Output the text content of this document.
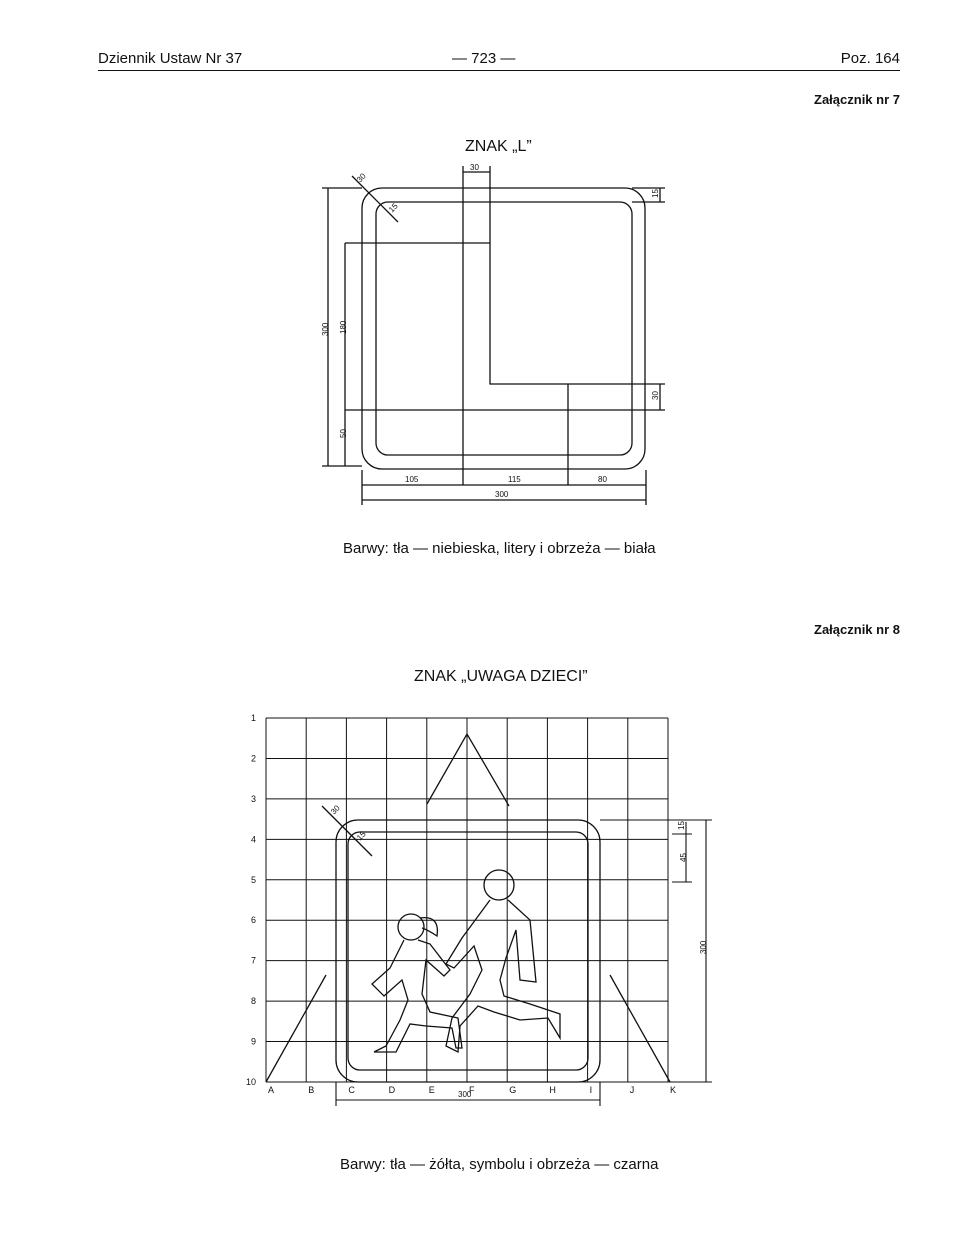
Dziennik Ustaw Nr 37	— 723 —	Poz. 164
Załącznik nr 7
ZNAK „L”
30
30
15
15
30
300 180
50
105	115	80
300
Barwy: tła — niebieska, litery i obrzeża — biała
Załącznik nr 8
ZNAK „UWAGA DZIECI”
1
2
3
4
5
6
7
8
9
10
A	B	C	D	E	F	G	H	I	J	K
30
15
15
45
300
300
Barwy: tła — żółta, symbolu i obrzeża — czarna
